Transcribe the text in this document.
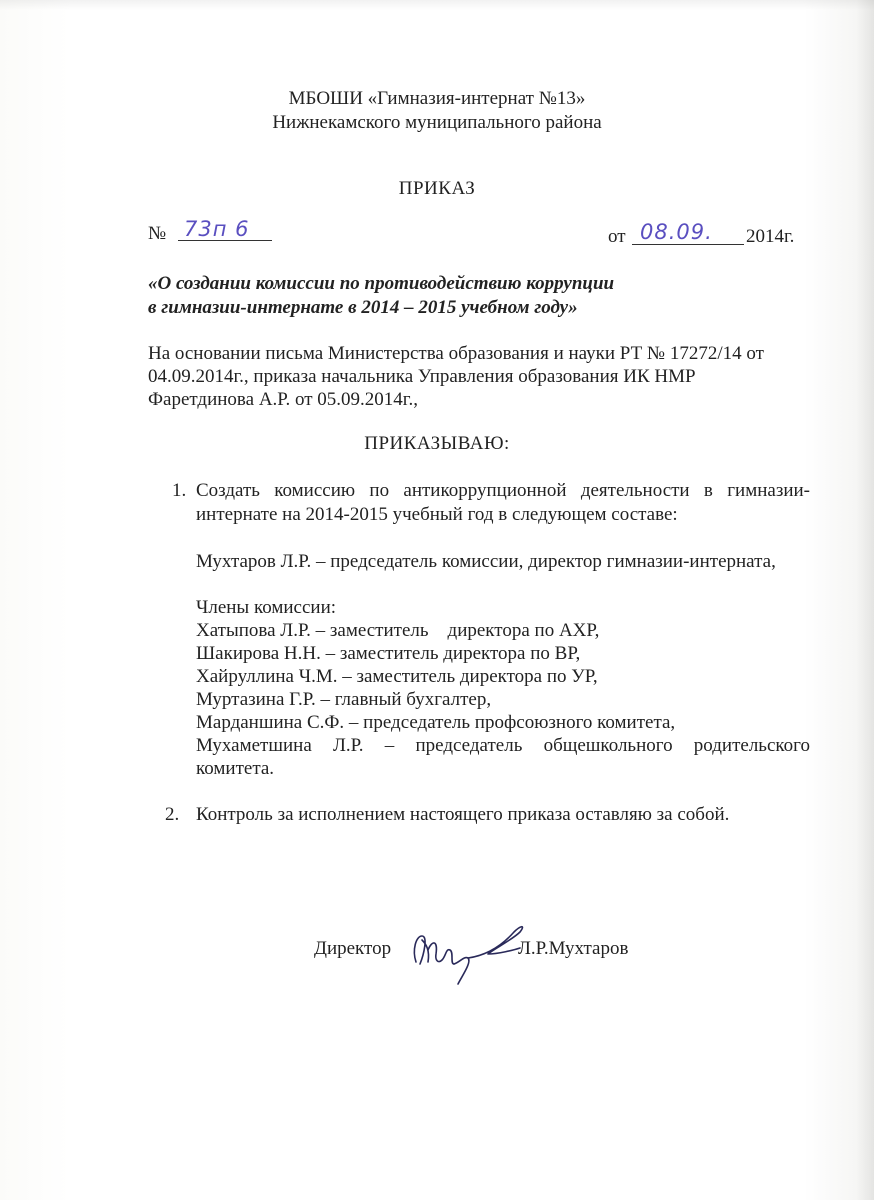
МБОШИ «Гимназия-интернат №13»
Нижнекамского муниципального района
ПРИКАЗ
№ 73п 6	от 08.09. 2014г.
«О создании комиссии по противодействию коррупции
в гимназии-интернате в 2014 – 2015 учебном году»
На основании письма Министерства образования и науки РТ № 17272/14 от
04.09.2014г., приказа начальника Управления образования ИК НМР
Фаретдинова А.Р. от 05.09.2014г.,
ПРИКАЗЫВАЮ:
1. Создать комиссию по антикоррупционной деятельности в гимназии-
интернате на 2014-2015 учебный год в следующем составе:
Мухтаров Л.Р. – председатель комиссии, директор гимназии-интерната,
Члены комиссии:
Хатыпова Л.Р. – заместитель    директора по АХР,
Шакирова Н.Н. – заместитель директора по ВР,
Хайруллина Ч.М. – заместитель директора по УР,
Муртазина Г.Р. – главный бухгалтер,
Марданшина С.Ф. – председатель профсоюзного комитета,
Мухаметшина Л.Р. – председатель общешкольного родительского
комитета.
2. Контроль за исполнением настоящего приказа оставляю за собой.
Директор	Л.Р.Мухтаров
